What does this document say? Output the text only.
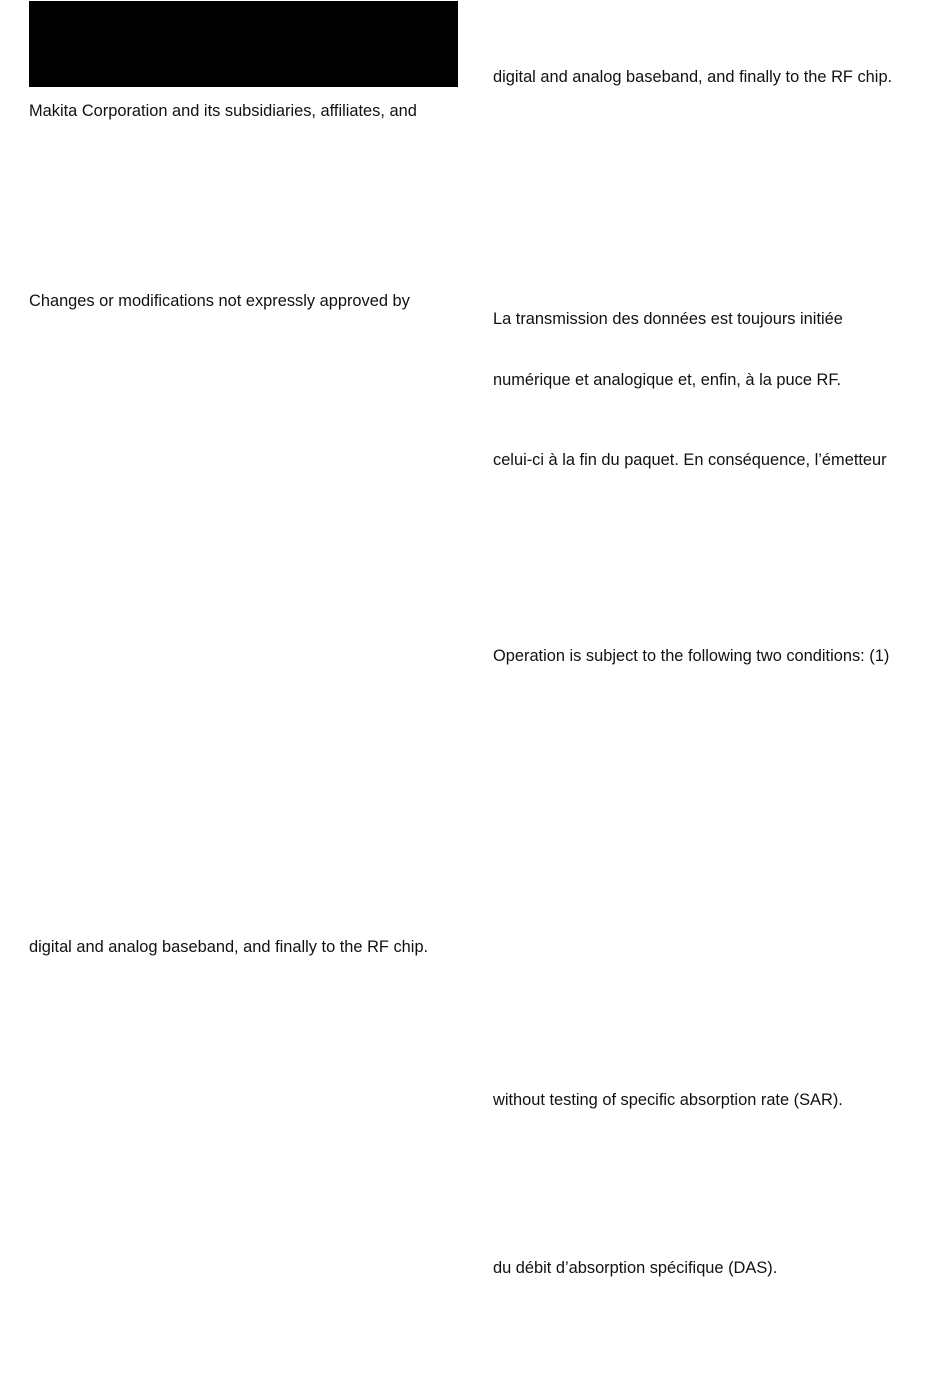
Makita Corporation and its subsidiaries, affiliates, and
Changes or modifications not expressly approved by
digital and analog baseband, and finally to the RF chip.
digital and analog baseband, and finally to the RF chip.
La transmission des données est toujours initiée
numérique et analogique et, enfin, à la puce RF.
celui-ci à la fin du paquet. En conséquence, l’émetteur
Operation is subject to the following two conditions: (1)
without testing of specific absorption rate (SAR).
du débit d’absorption spécifique (DAS).
